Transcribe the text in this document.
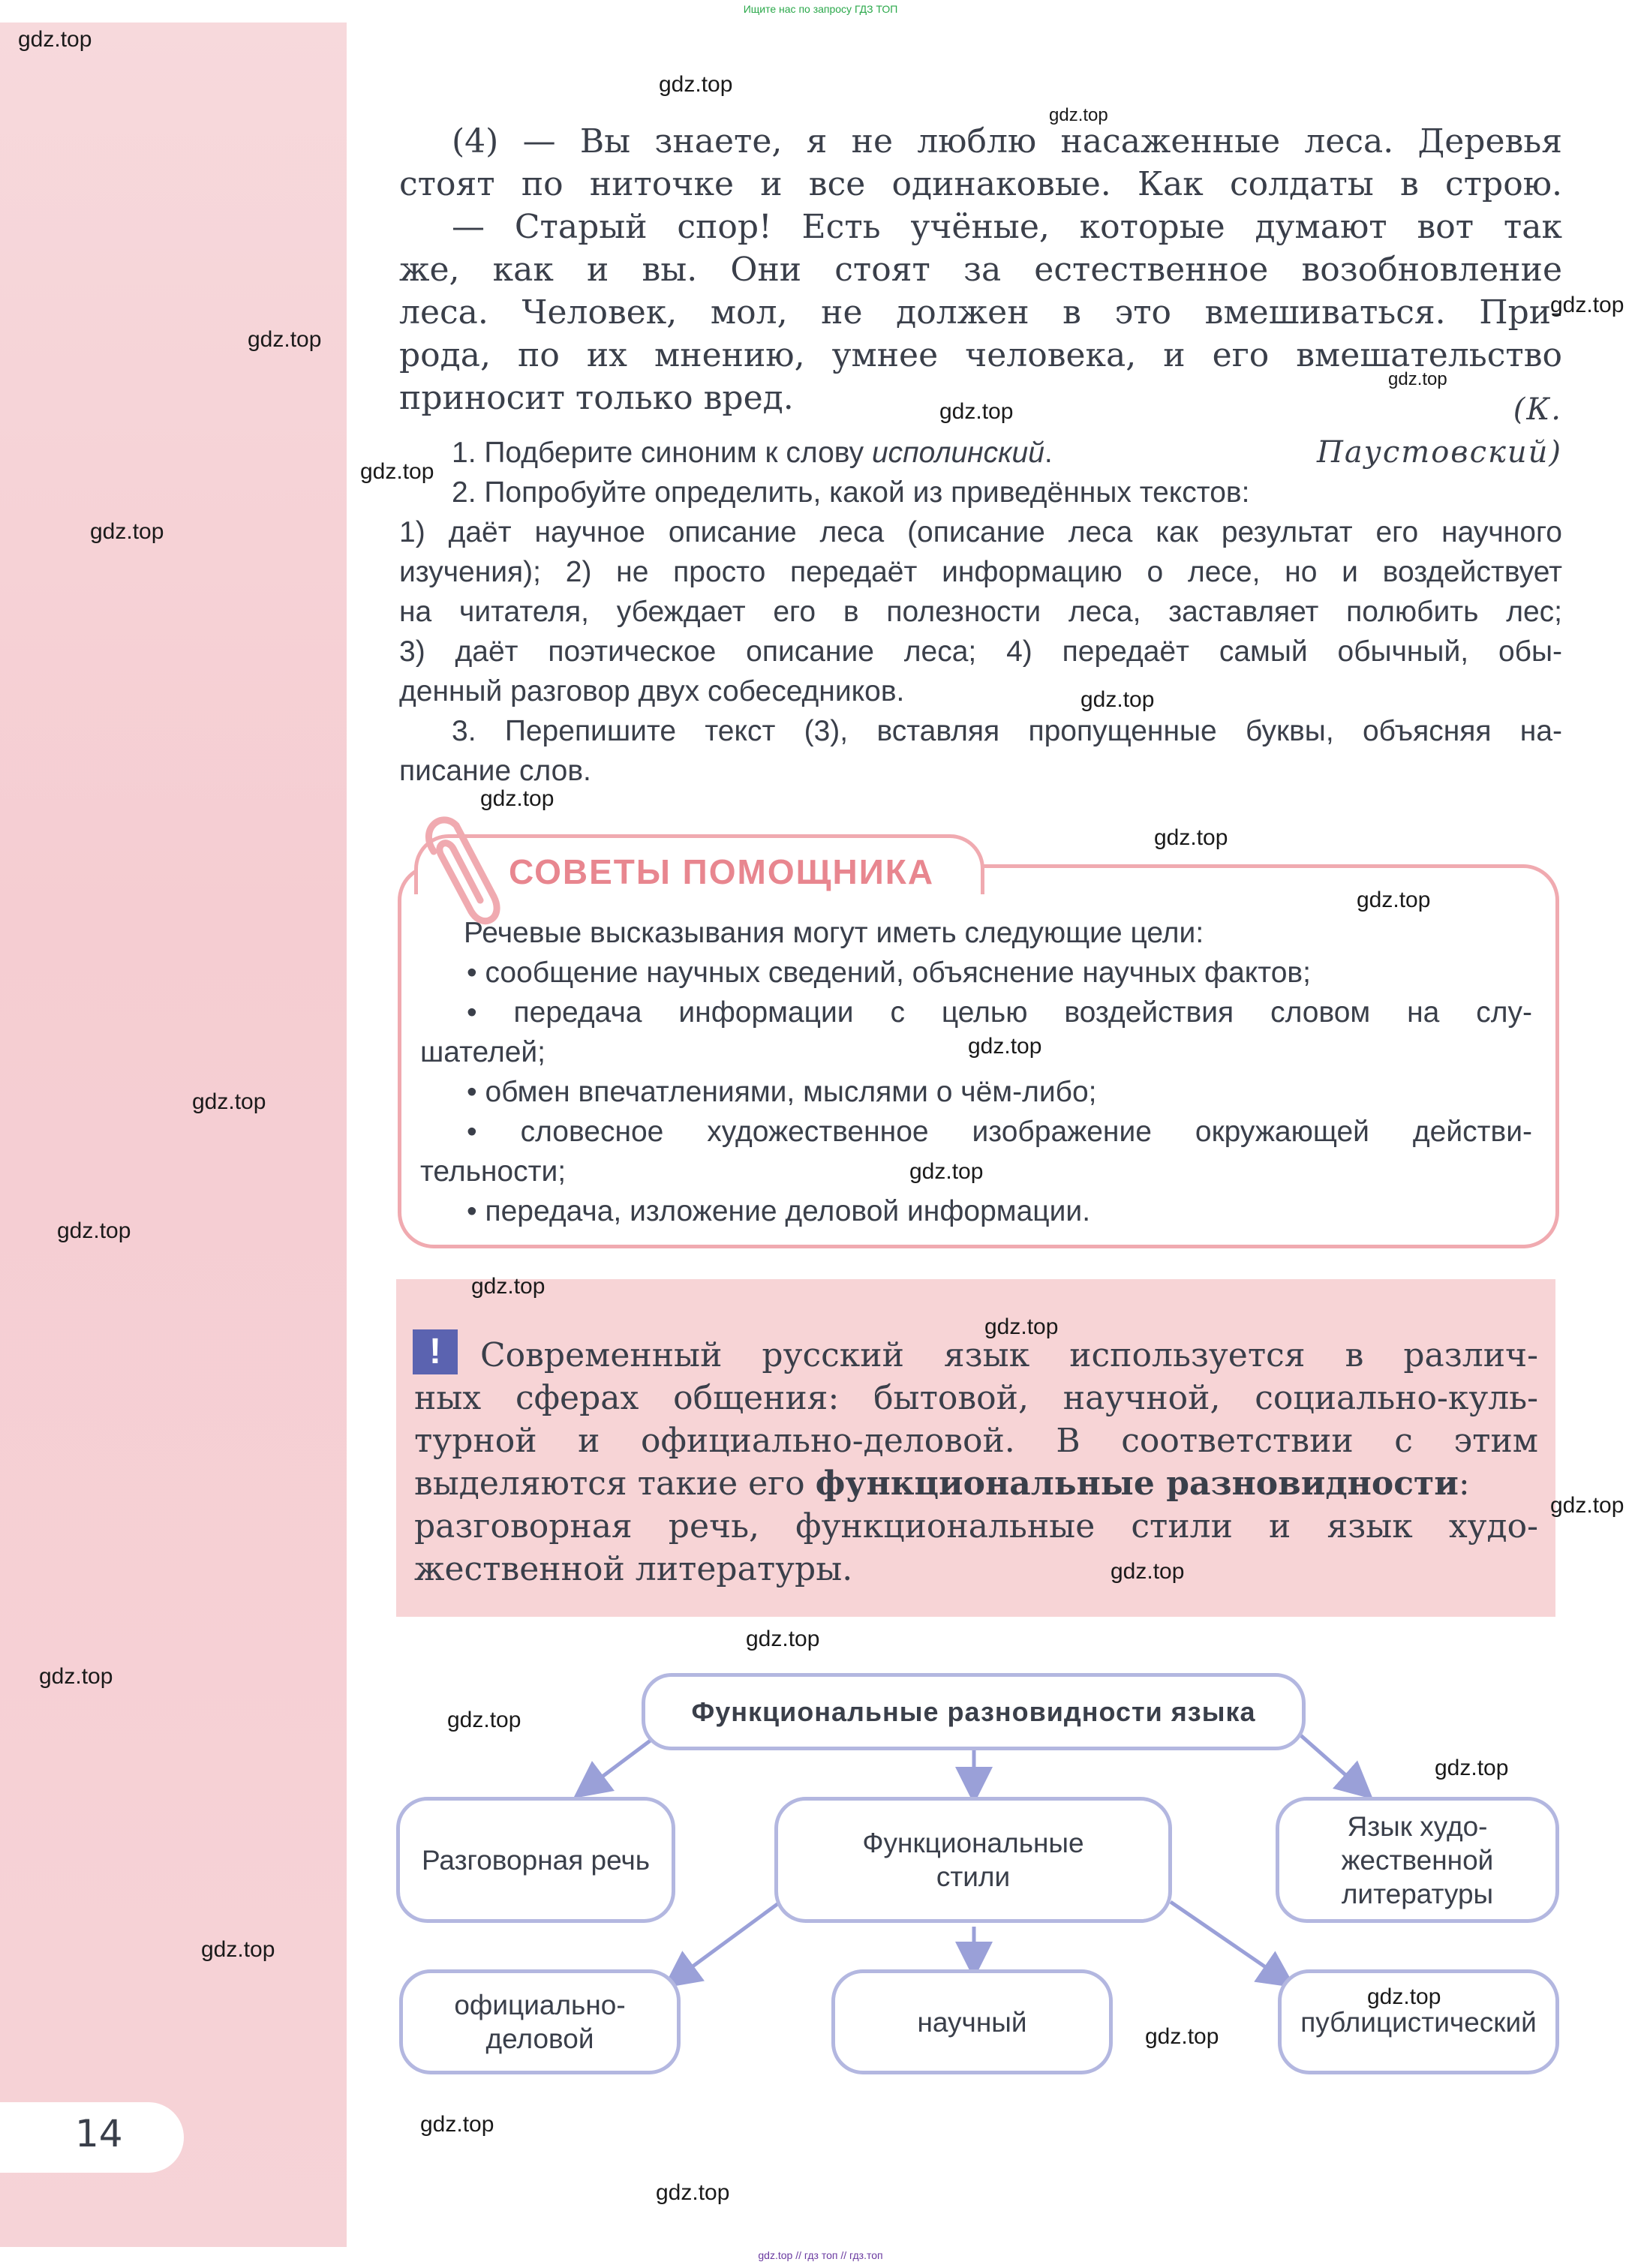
14
Ищите нас по запросу ГДЗ ТОП
gdz.top // гдз топ // гдз.топ
(4) — Вы знаете, я не люблю насаженные леса. Деревья
стоят по ниточке и все одинаковые. Как солдаты в строю.
— Старый спор! Есть учёные, которые думают вот так
же, как и вы. Они стоят за естественное возобновление
леса. Человек, мол, не должен в это вмешиваться. При-
рода, по их мнению, умнее человека, и его вмешательство
приносит только вред.	(К. Паустовский)
1. Подберите синоним к слову исполинский.
2. Попробуйте определить, какой из приведённых текстов:
1) даёт научное описание леса (описание леса как результат его научного
изучения); 2) не просто передаёт информацию о лесе, но и воздействует
на читателя, убеждает его в полезности леса, заставляет полюбить лес;
3) даёт поэтическое описание леса; 4) передаёт самый обычный, обы-
денный разговор двух собеседников.
3. Перепишите текст (3), вставляя пропущенные буквы, объясняя на-
писание слов.
СОВЕТЫ ПОМОЩНИКА
Речевые высказывания могут иметь следующие цели:
• сообщение научных сведений, объяснение научных фактов;
• передача информации с целью воздействия словом на слу-
шателей;
• обмен впечатлениями, мыслями о чём-либо;
• словесное художественное изображение окружающей действи-
тельности;
• передача, изложение деловой информации.
!	Современный русский язык используется в различ-
ных сферах общения: бытовой, научной, социально-куль-
турной и официально-деловой. В соответствии с этим
выделяются такие его функциональные разновидности:
разговорная речь, функциональные стили и язык худо-
жественной литературы.
Функциональные разновидности языка
Разговорная речь
Функциональные стили
Язык худо- жественной литературы
официально- деловой
научный	публицистический
gdz.top
gdz.top
gdz.top
gdz.top
gdz.top
gdz.top
gdz.top
gdz.top
gdz.top
gdz.top
gdz.top
gdz.top
gdz.top
gdz.top
gdz.top
gdz.top
gdz.top
gdz.top
gdz.top
gdz.top
gdz.top
gdz.top
gdz.top
gdz.top
gdz.top
gdz.top
gdz.top
gdz.top
gdz.top
gdz.top
